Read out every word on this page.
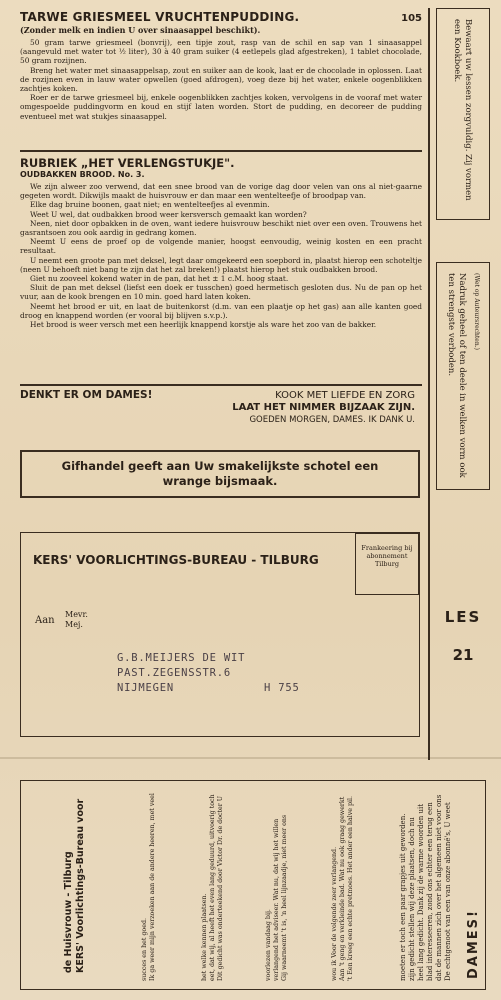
TARWE GRIESMEEL VRUCHTENPUDDING.	105
(Zonder melk en indien U over sinaasappel beschikt).

50 gram tarwe griesmeel (bonvrij), een tipje zout, rasp van de schil en sap van 1 sinaasappel (aangevuld met water tot ½ liter), 30 à 40 gram suiker (4 eetlepels glad afgestreken), 1 tablet chocolade, 50 gram rozijnen.

Breng het water met sinaasappelsap, zout en suiker aan de kook, laat er de chocolade in oplossen. Laat de rozijnen even in lauw water opwellen (goed afdrogen), voeg deze bij het water, enkele oogenblikken zachtjes koken.

Roer er de tarwe griesmeel bij, enkele oogenblikken zachtjes koken, vervolgens in de vooraf met water omgespoelde puddingvorm en koud en stijf laten worden. Stort de pudding, en decoreer de pudding eventueel met wat stukjes sinaasappel.

RUBRIEK „HET VERLENGSTUKJE".
OUDBAKKEN BROOD. No. 3.

We zijn alweer zoo verwend, dat een snee brood van de vorige dag door velen van ons al niet-gaarne gegeten wordt. Dikwijls maakt de huisvrouw er dan maar een wentelteefje of broodpap van.

Elke dag bruine boonen, gaat niet; en wentelteefjes al evenmin.

Weet U wel, dat oudbakken brood weer kersversch gemaakt kan worden?

Neen, niet door opbakken in de oven, want iedere huisvrouw beschikt niet over een oven. Trouwens het gasrantsoen zou ook aardig in gedrang komen.

Neemt U eens de proef op de volgende manier, hoogst eenvoudig, weinig kosten en een pracht resultaat.

U neemt een groote pan met deksel, legt daar omgekeerd een soepbord in, plaatst hierop een schoteltje (neen U behoeft niet bang te zijn dat het zal breken!) plaatst hierop het stuk oudbakken brood.

Giet nu zooveel kokend water in de pan, dat het ± 1 c.M. hoog staat.

Sluit de pan met deksel (liefst een doek er tusschen) goed hermetisch gesloten dus. Nu de pan op het vuur, aan de kook brengen en 10 min. goed hard laten koken.

Neemt het brood er uit, en laat de buitenkorst (d.m. van een plaatje op het gas) aan alle kanten goed droog en knappend worden (er vooral bij blijven s.v.p.).

Het brood is weer versch met een heerlijk knappend korstje als ware het zoo van de bakker.

DENKT ER OM DAMES!	KOOK MET LIEFDE EN ZORG
LAAT HET NIMMER BIJZAAK ZIJN.
GOEDEN MORGEN, DAMES. IK DANK U.
Gifhandel geeft aan Uw smakelijkste schotel een
wrange bijsmaak.
Bewaart uw lessen zorgvuldig. Zij vormen een Kookboek.
Nadruk geheel of ten deele in welken vorm ook ten strengste verboden.	(Wet op Auteursrechten.)
LES
21
KERS' VOORLICHTINGS-BUREAU - TILBURG
Frankeering bij abonnement Tilburg
Aan
Mevr.
Mej.
G.B.MEIJERS DE WIT
PAST.ZEGENSSTR.6
NIJMEGEN	H 755
DAMES!
De echtgenoot van een van onze abonné's, U weet dat de mannen zich over het algemeen niet voor ons blad interesseeren, zond ons echter een terug een heel lang gedicht. Dank zij de warme woorden uit zijn gedicht stellen wij deze plaatsen, doch nu moeten er toch een paar grapjes uit geworden.
't Een kreeg een echte pretmoes. Het ander een halve pil. Aan 't geng en verkleinde bad. Wat nu ook graag gewerkt wou ik Voor de volgende zeer verlangend.
Gij waarneemt 't is, 'n heel lijnzaadje, niet meer ons verlangend het adviseer. Wat nu, dat wij het willen voorlezen vandaag bij.
Dit gedicht was onderteekend door Victor Dr. de docter U eet, dat wij, al heeft het even lang geduurd, uitvoerig toch het welke kennen plaatsen.
Ik ga weer mijn verzoeken aan de andere heeren, met veel succes en het goed.
KERS' Voorlichtings-Bureau voor de Huisvrouw - Tilburg
